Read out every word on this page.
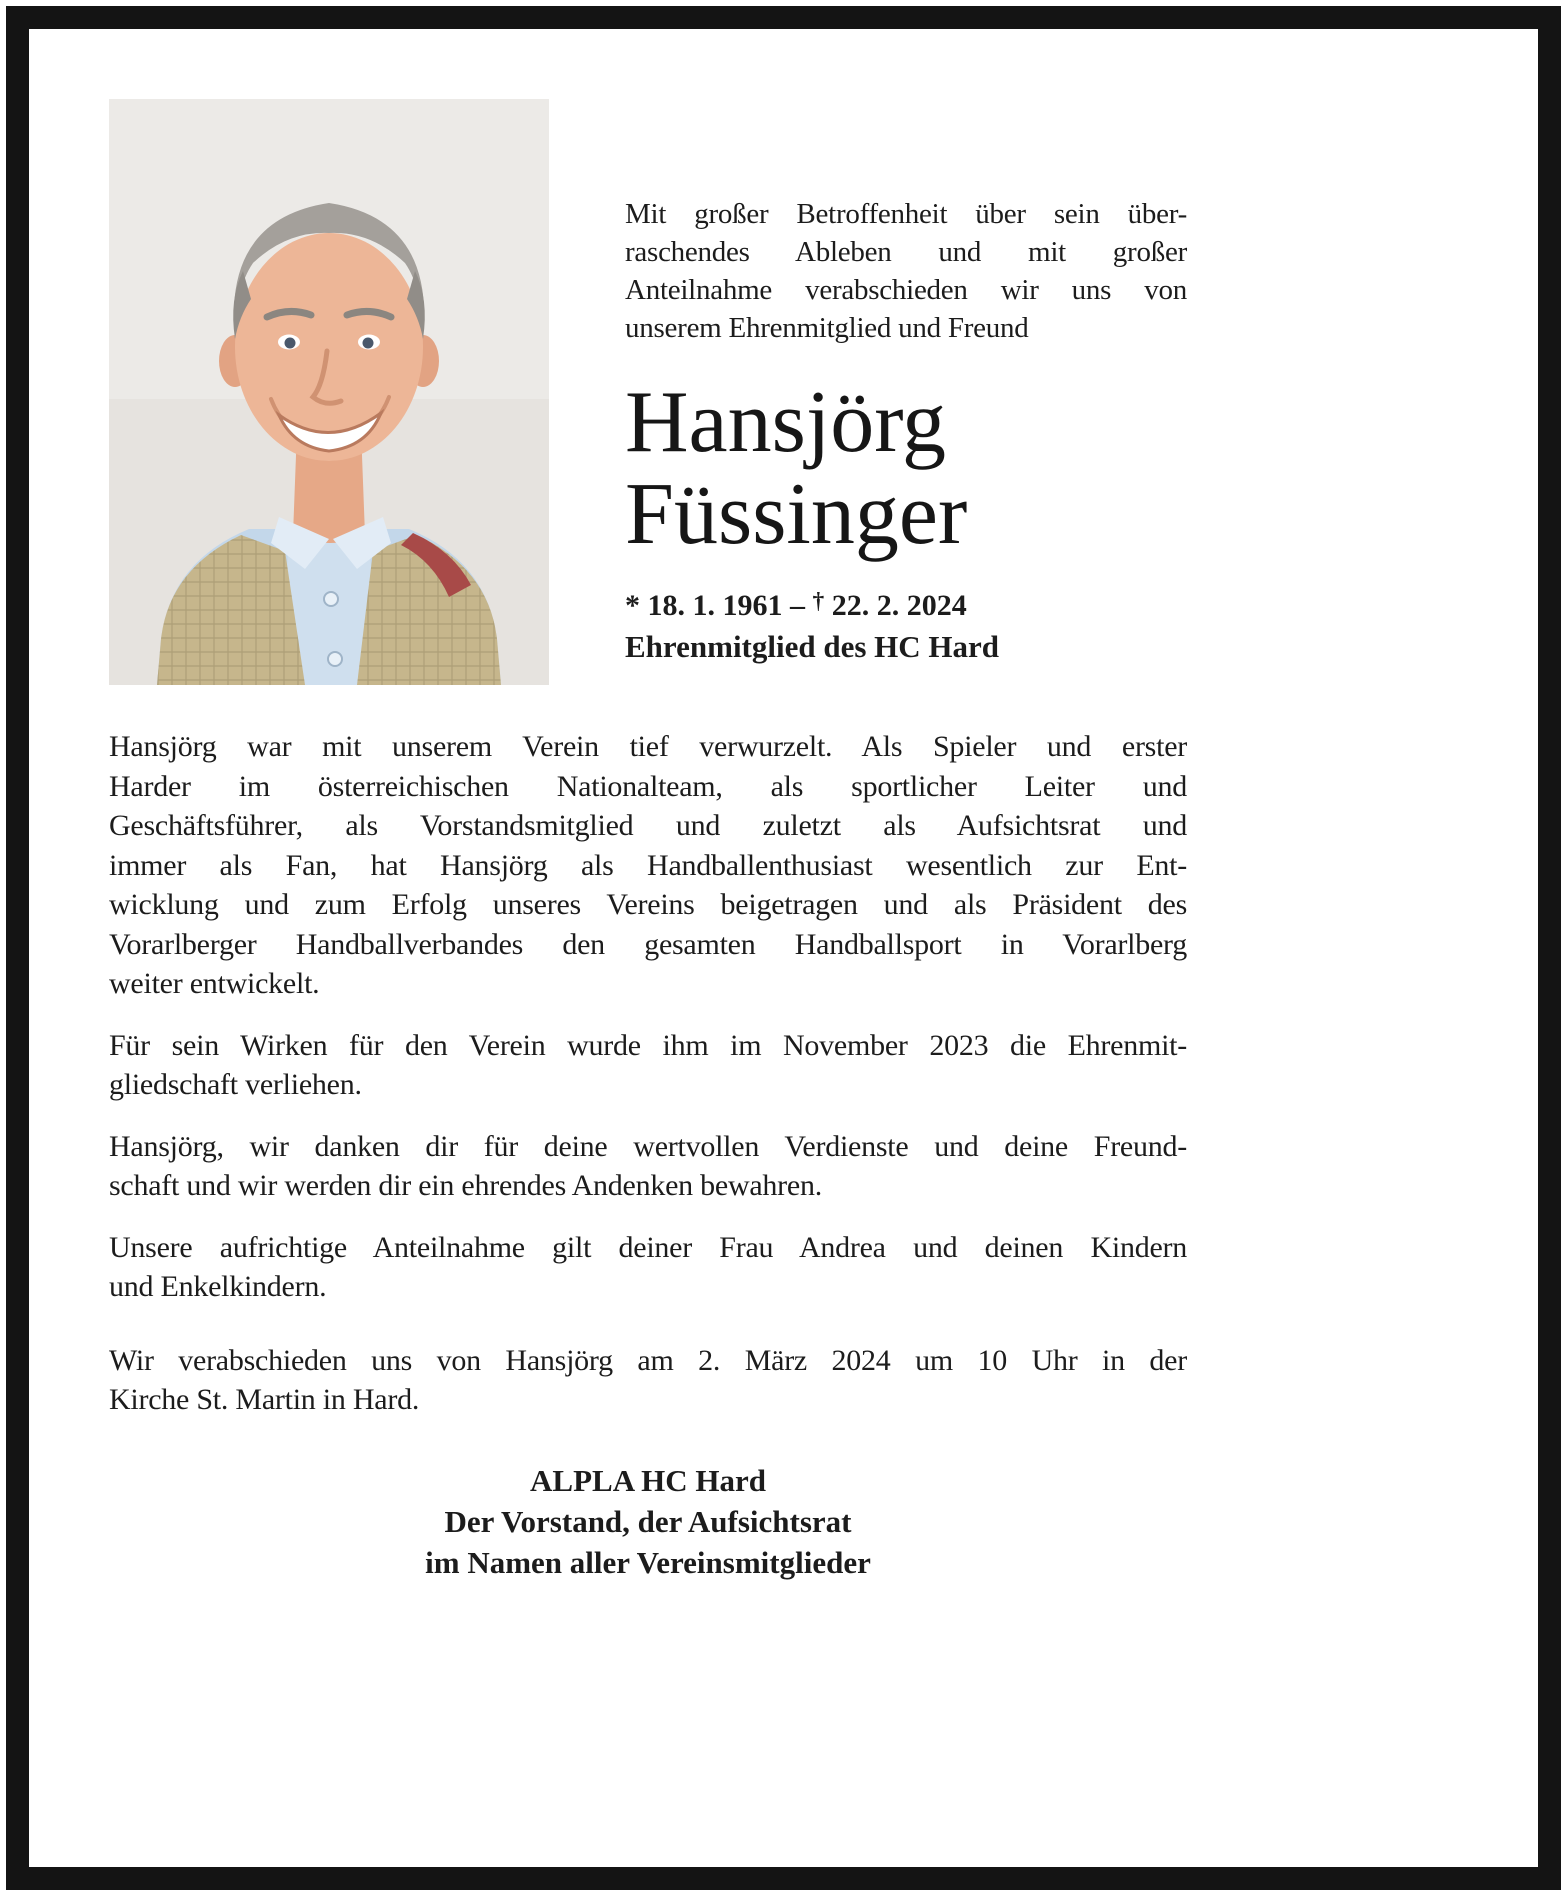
Mit großer Betroffenheit über sein über-
raschendes Ableben und mit großer
Anteilnahme verabschieden wir uns von
unserem Ehrenmitglied und Freund
Hansjörg
Füssinger
* 18. 1. 1961 – † 22. 2. 2024
Ehrenmitglied des HC Hard
Hansjörg war mit unserem Verein tief verwurzelt. Als Spieler und erster
Harder im österreichischen Nationalteam, als sportlicher Leiter und
Geschäftsführer, als Vorstandsmitglied und zuletzt als Aufsichtsrat und
immer als Fan, hat Hansjörg als Handballenthusiast wesentlich zur Ent-
wicklung und zum Erfolg unseres Vereins beigetragen und als Präsident des
Vorarlberger Handballverbandes den gesamten Handballsport in Vorarlberg
weiter entwickelt.
Für sein Wirken für den Verein wurde ihm im November 2023 die Ehrenmit-
gliedschaft verliehen.
Hansjörg, wir danken dir für deine wertvollen Verdienste und deine Freund-
schaft und wir werden dir ein ehrendes Andenken bewahren.
Unsere aufrichtige Anteilnahme gilt deiner Frau Andrea und deinen Kindern
und Enkelkindern.
Wir verabschieden uns von Hansjörg am 2. März 2024 um 10 Uhr in der
Kirche St. Martin in Hard.
ALPLA HC Hard
Der Vorstand, der Aufsichtsrat
im Namen aller Vereinsmitglieder
